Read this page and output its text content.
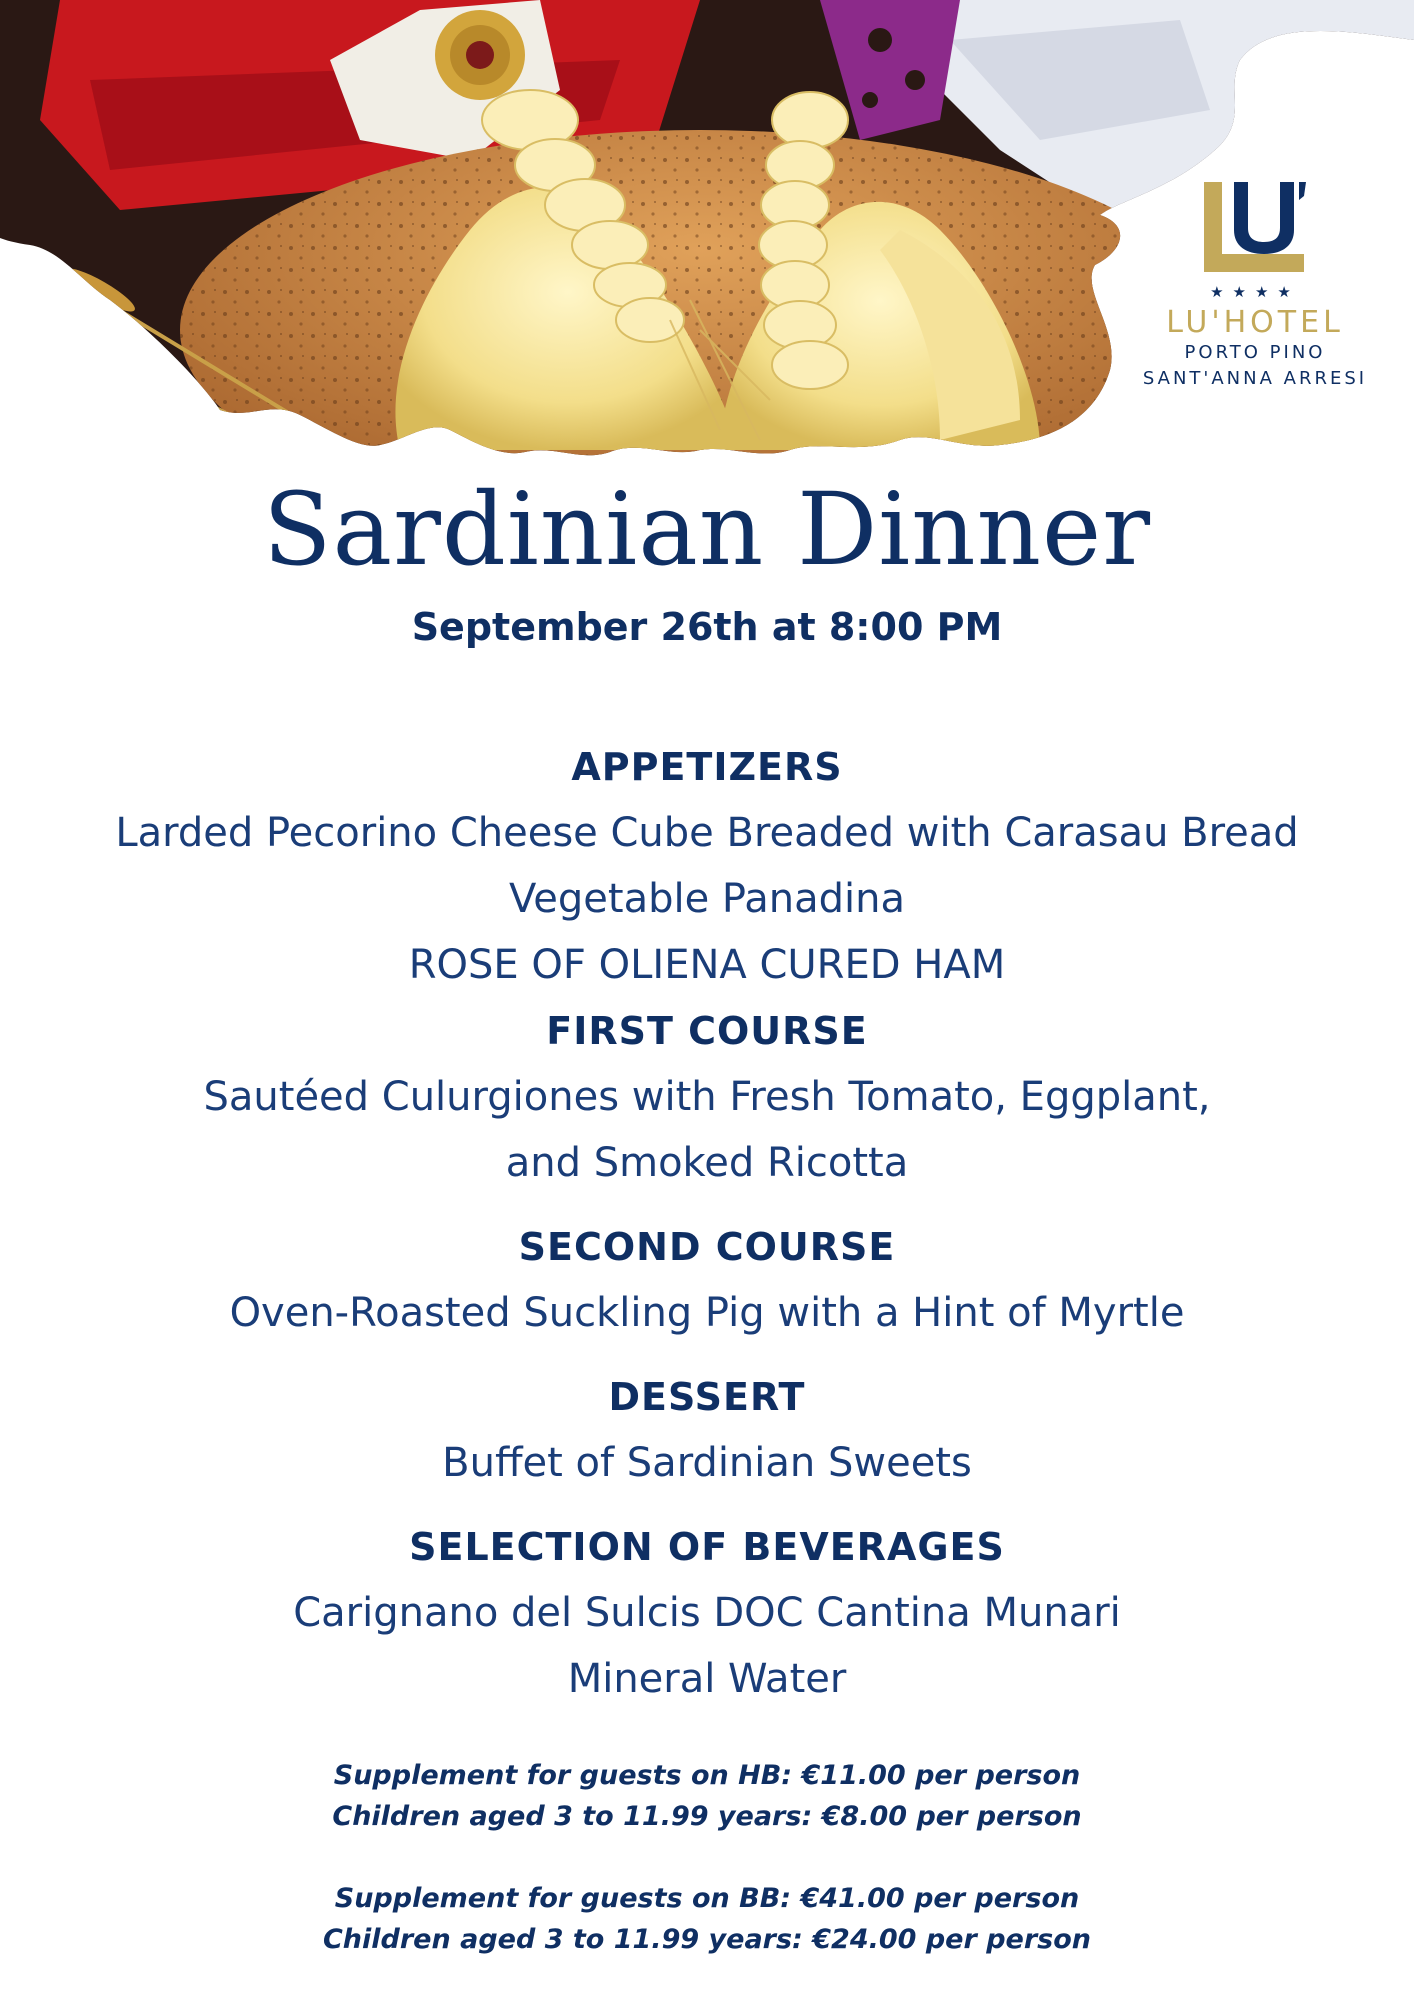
★★★★
LU'HOTEL
PORTO PINO
SANT'ANNA ARRESI
Sardinian Dinner
September 26th at 8:00 PM
APPETIZERS
Larded Pecorino Cheese Cube Breaded with Carasau Bread
Vegetable Panadina
ROSE OF OLIENA CURED HAM
FIRST COURSE
Sautéed Culurgiones with Fresh Tomato, Eggplant,
and Smoked Ricotta
SECOND COURSE
Oven-Roasted Suckling Pig with a Hint of Myrtle
DESSERT
Buffet of Sardinian Sweets
SELECTION OF BEVERAGES
Carignano del Sulcis DOC Cantina Munari
Mineral Water
Supplement for guests on HB: €11.00 per person
Children aged 3 to 11.99 years: €8.00 per person
Supplement for guests on BB: €41.00 per person
Children aged 3 to 11.99 years: €24.00 per person
